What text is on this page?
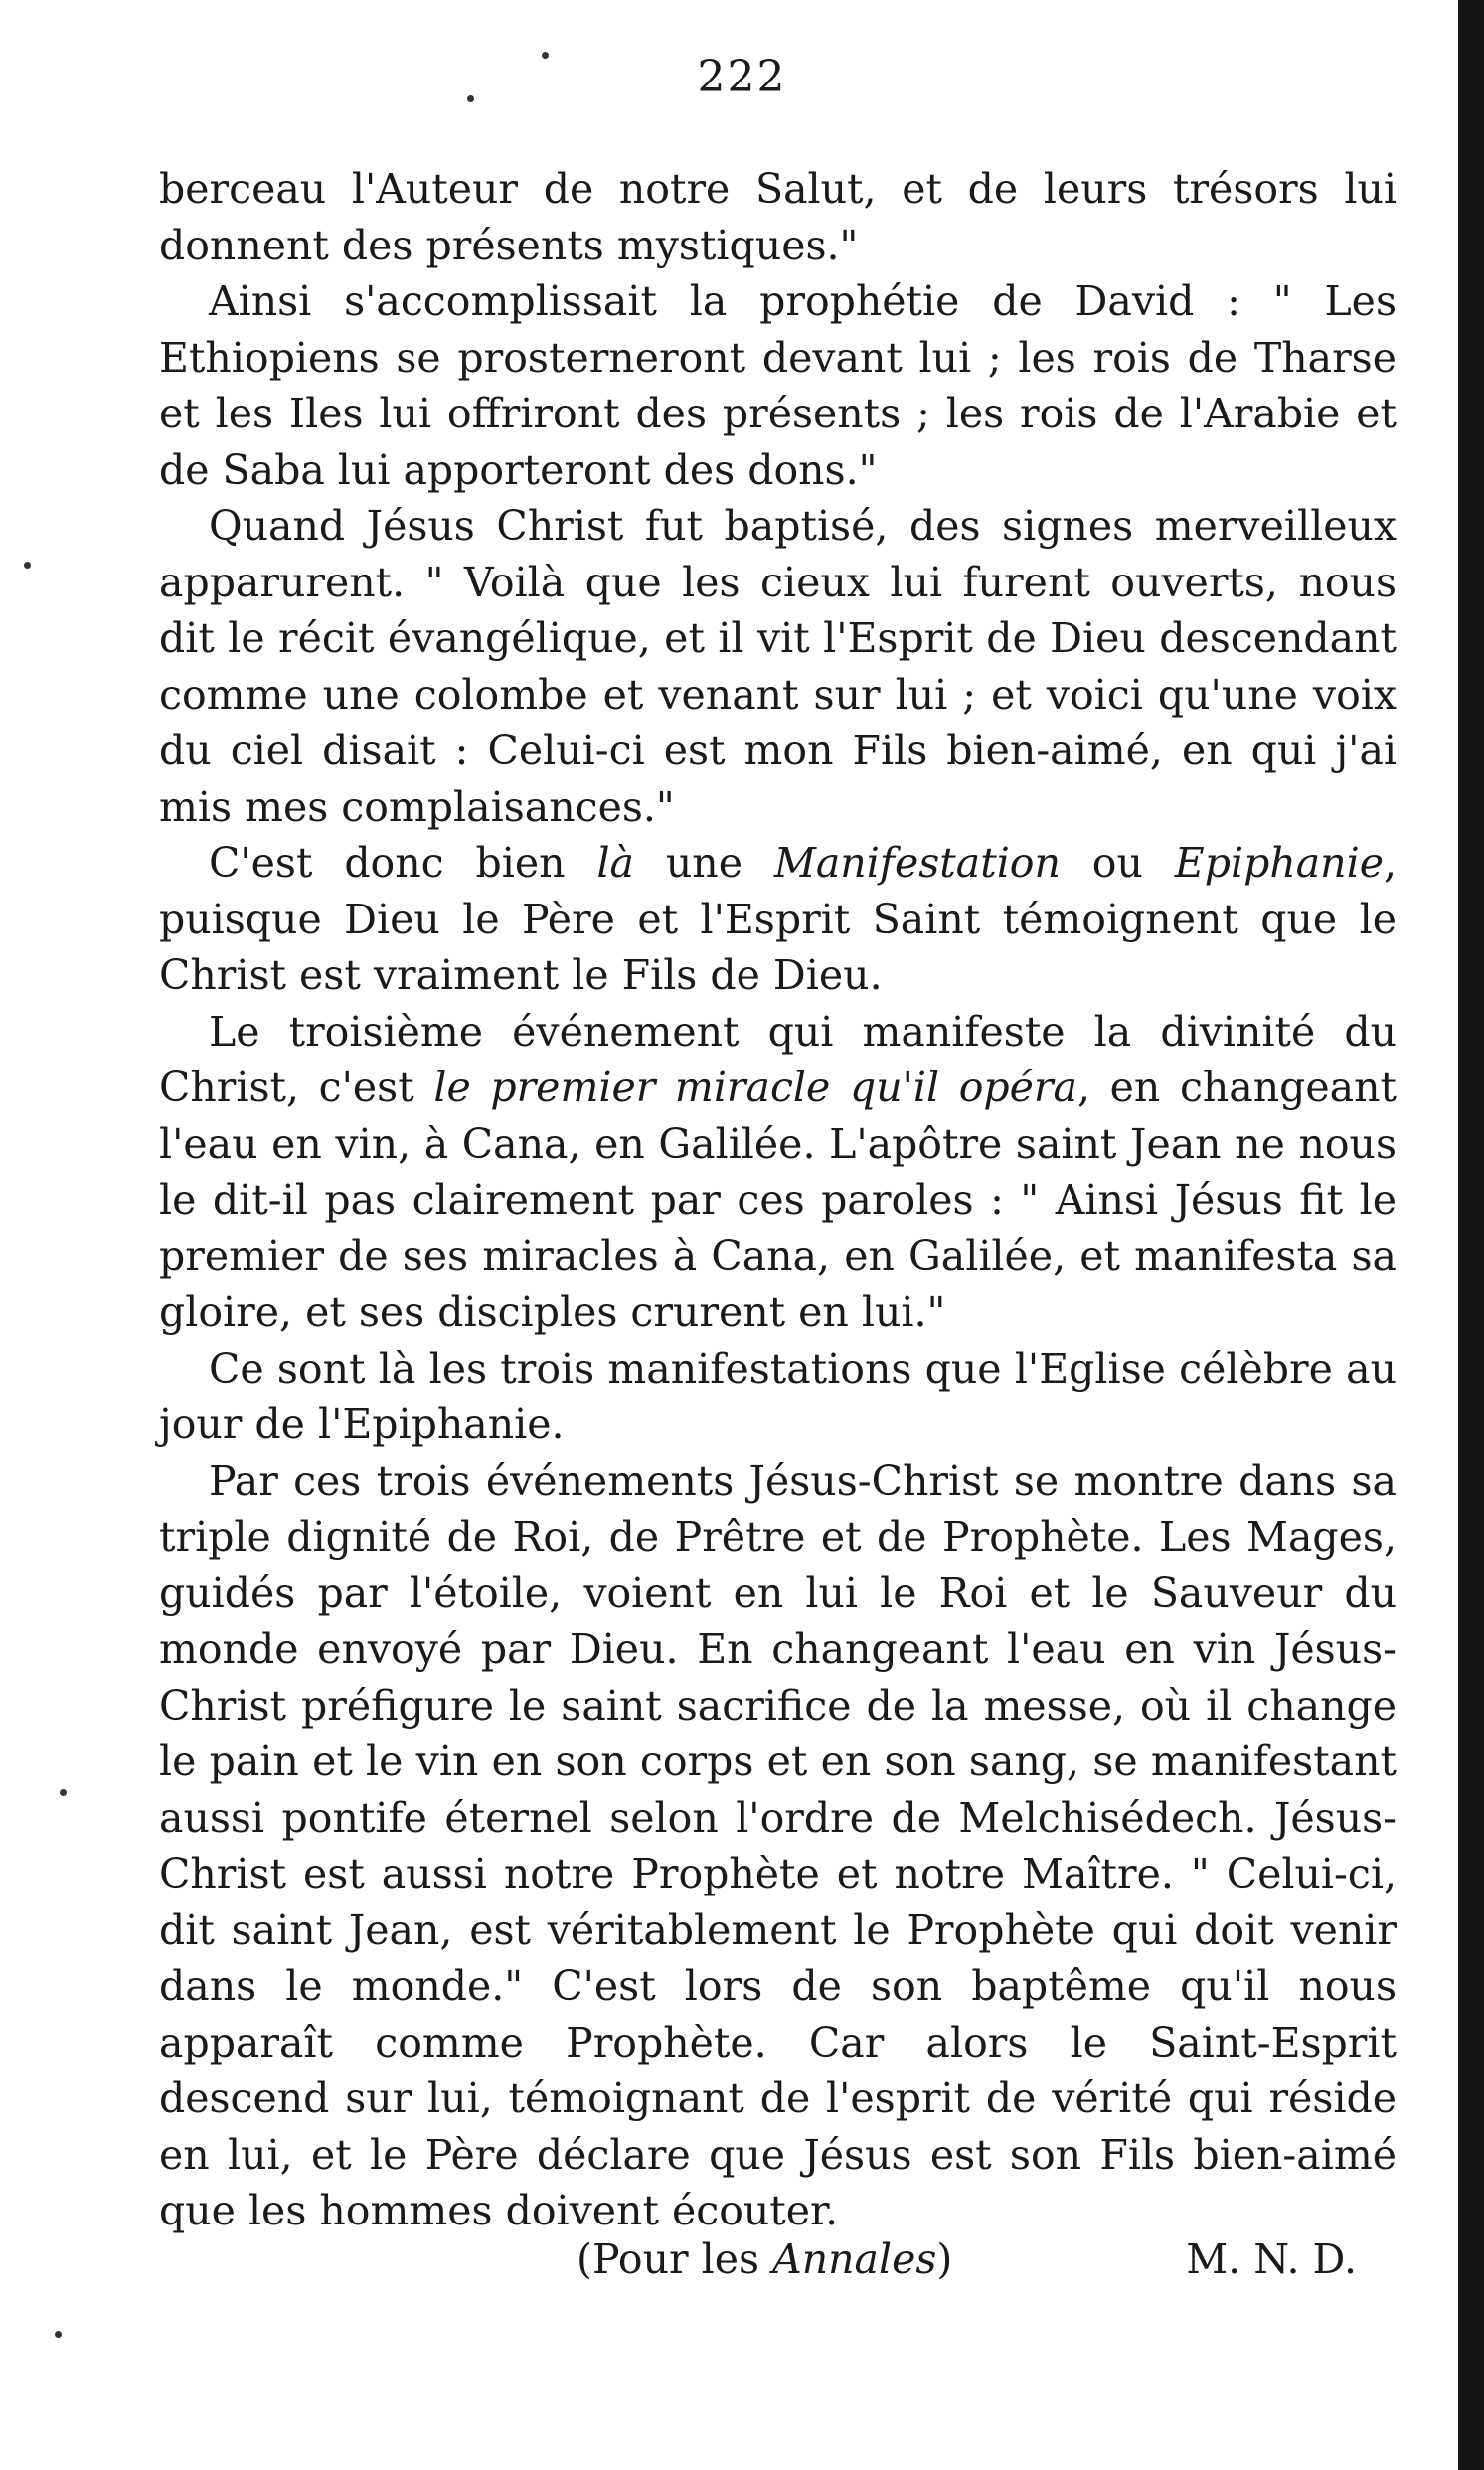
222

berceau l'Auteur de notre Salut, et de leurs trésors lui donnent des présents mystiques."

Ainsi s'accomplissait la prophétie de David : " Les Ethiopiens se prosterneront devant lui ; les rois de Tharse et les Iles lui offriront des présents ; les rois de l'Arabie et de Saba lui apporteront des dons."

Quand Jésus Christ fut baptisé, des signes merveilleux apparurent. " Voilà que les cieux lui furent ouverts, nous dit le récit évangélique, et il vit l'Esprit de Dieu descendant comme une colombe et venant sur lui ; et voici qu'une voix du ciel disait : Celui-ci est mon Fils bien-aimé, en qui j'ai mis mes complaisances."

C'est donc bien là une Manifestation ou Epiphanie, puisque Dieu le Père et l'Esprit Saint témoignent que le Christ est vraiment le Fils de Dieu.

Le troisième événement qui manifeste la divinité du Christ, c'est le premier miracle qu'il opéra, en changeant l'eau en vin, à Cana, en Galilée. L'apôtre saint Jean ne nous le dit-il pas clairement par ces paroles : " Ainsi Jésus fit le premier de ses miracles à Cana, en Galilée, et manifesta sa gloire, et ses disciples crurent en lui."

Ce sont là les trois manifestations que l'Eglise célèbre au jour de l'Epiphanie.

Par ces trois événements Jésus-Christ se montre dans sa triple dignité de Roi, de Prêtre et de Prophète. Les Mages, guidés par l'étoile, voient en lui le Roi et le Sauveur du monde envoyé par Dieu. En changeant l'eau en vin Jésus-Christ préfigure le saint sacrifice de la messe, où il change le pain et le vin en son corps et en son sang, se manifestant aussi pontife éternel selon l'ordre de Melchisédech. Jésus-Christ est aussi notre Prophète et notre Maître. " Celui-ci, dit saint Jean, est véritablement le Prophète qui doit venir dans le monde." C'est lors de son baptême qu'il nous apparaît comme Prophète. Car alors le Saint-Esprit descend sur lui, témoignant de l'esprit de vérité qui réside en lui, et le Père déclare que Jésus est son Fils bien-aimé que les hommes doivent écouter.

(Pour les Annales)	M. N. D.
